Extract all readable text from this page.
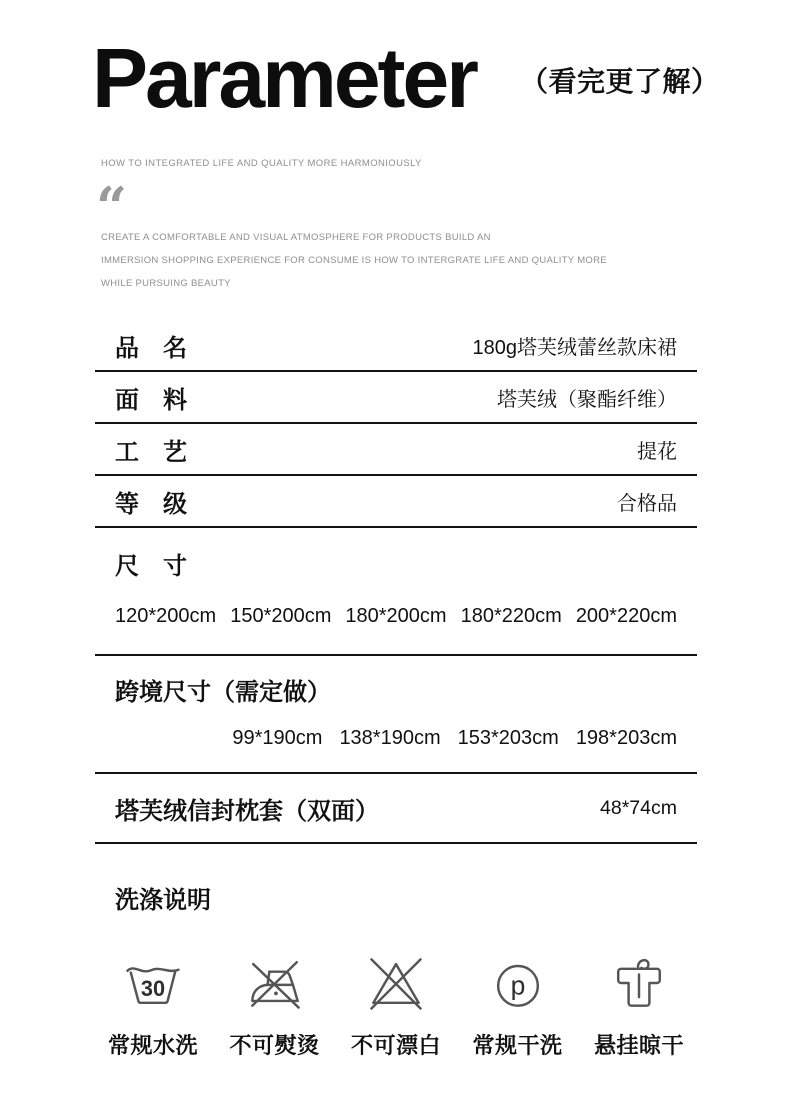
Parameter （看完更了解）
HOW TO INTEGRATED LIFE AND QUALITY MORE HARMONIOUSLY
“

CREATE A COMFORTABLE AND VISUAL ATMOSPHERE FOR PRODUCTS BUILD AN

IMMERSION SHOPPING EXPERIENCE FOR CONSUME IS HOW TO INTERGRATE LIFE AND QUALITY MORE

WHILE PURSUING BEAUTY

品　名	180g塔芙绒蕾丝款床裙
面　料	塔芙绒（聚酯纤维）
工　艺	提花
等　级	合格品
尺　寸
120*200cm 150*200cm 180*200cm 180*220cm 200*220cm
跨境尺寸（需定做）
99*190cm 138*190cm 153*203cm 198*203cm
塔芙绒信封枕套（双面）	48*74cm
洗涤说明
30
常规水洗 不可熨烫 不可漂白
p
常规干洗 悬挂晾干
